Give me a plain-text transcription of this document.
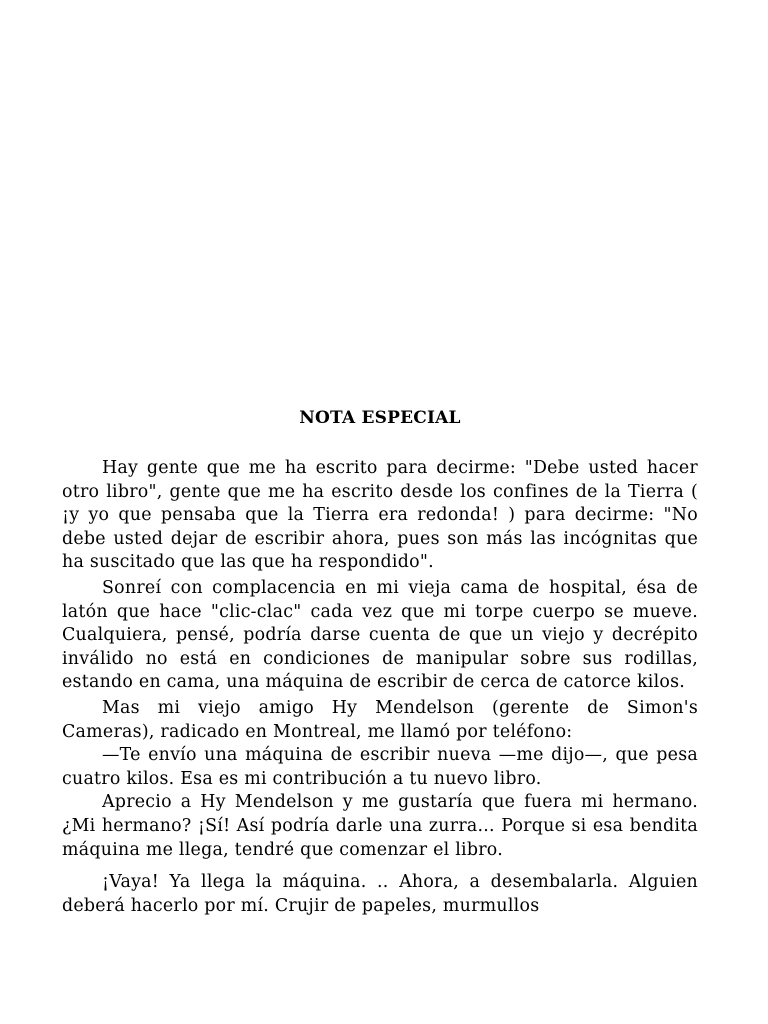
NOTA ESPECIAL

Hay gente que me ha escrito para decirme: "Debe usted hacer otro libro", gente que me ha escrito desde los confines de la Tierra ( ¡y yo que pensaba que la Tierra era redonda! ) para decirme: "No debe usted dejar de escribir ahora, pues son más las incógnitas que ha suscitado que las que ha respondido".

Sonreí con complacencia en mi vieja cama de hospital, ésa de latón que hace "clic-clac" cada vez que mi torpe cuerpo se mueve. Cualquiera, pensé, podría darse cuenta de que un viejo y decrépito inválido no está en condiciones de manipular sobre sus rodillas, estando en cama, una máquina de escribir de cerca de catorce kilos.

Mas mi viejo amigo Hy Mendelson (gerente de Simon's Cameras), radicado en Montreal, me llamó por teléfono:

—Te envío una máquina de escribir nueva —me dijo—, que pesa cuatro kilos. Esa es mi contribución a tu nuevo libro.

Aprecio a Hy Mendelson y me gustaría que fuera mi hermano. ¿Mi hermano? ¡Sí! Así podría darle una zurra... Porque si esa bendita máquina me llega, tendré que comenzar el libro.

¡Vaya! Ya llega la máquina. .. Ahora, a desembalarla. Alguien deberá hacerlo por mí. Crujir de papeles, murmullos
